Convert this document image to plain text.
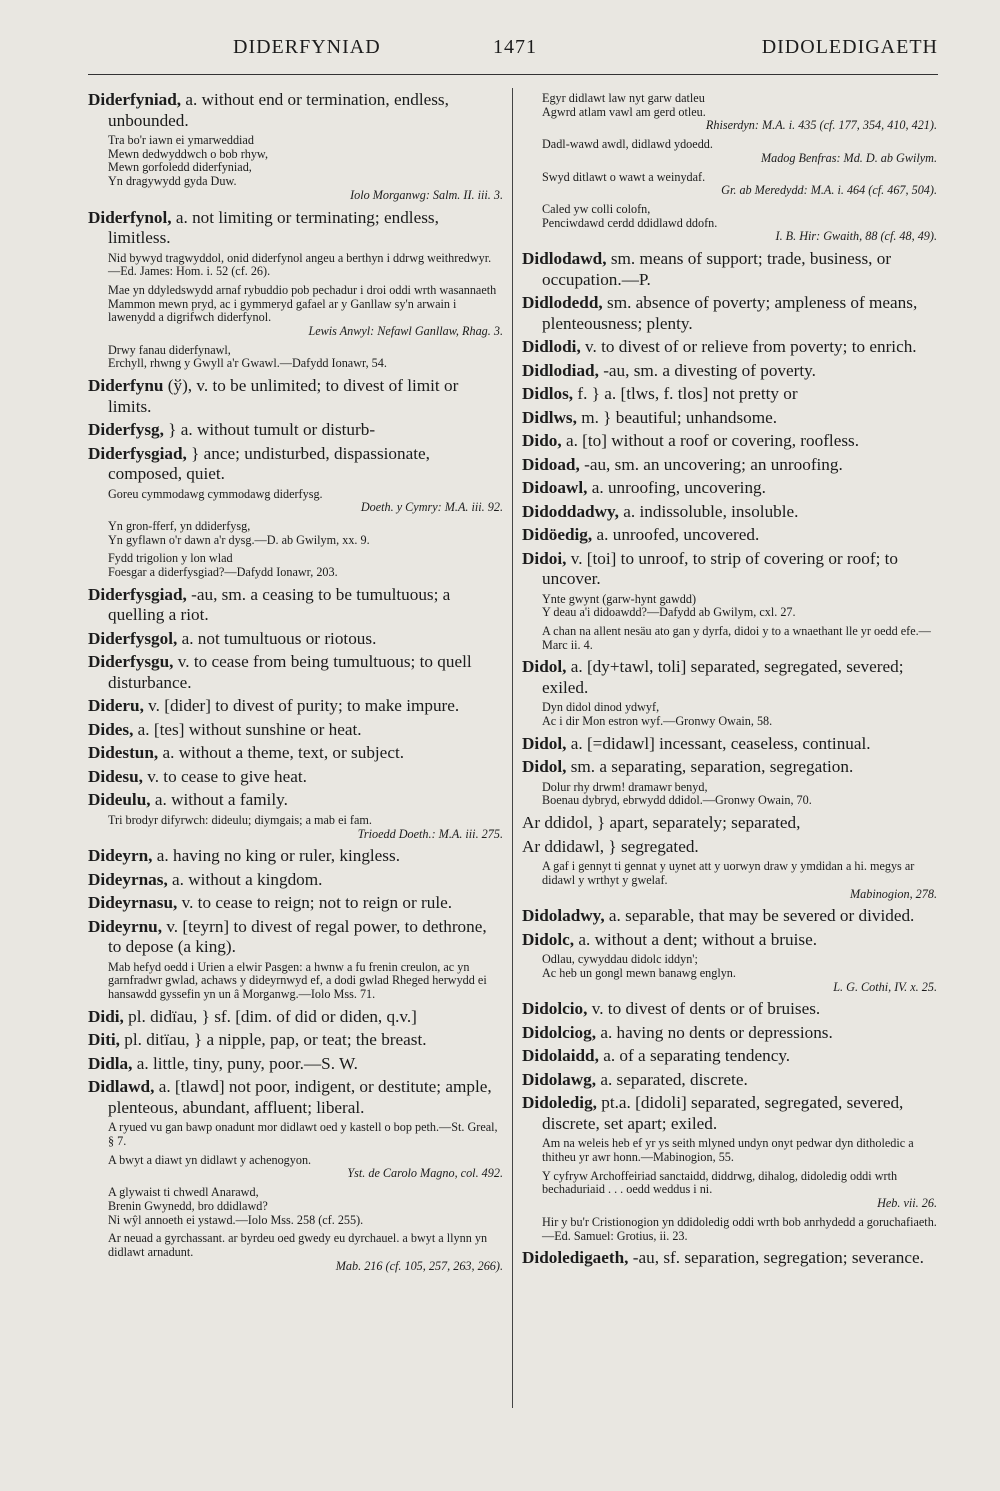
DIDERFYNIAD	1471	DIDOLEDIGAETH
Diderfyniad, a. without end or termination, endless, unbounded.
Tra bo'r iawn ei ymarweddiad
Mewn dedwyddwch o bob rhyw,
Mewn gorfoledd diderfyniad,
Yn dragywydd gyda Duw.
Iolo Morganwg: Salm. II. iii. 3.
Diderfynol, a. not limiting or terminating; endless, limitless.
Nid bywyd tragwyddol, onid diderfynol angeu a berthyn i ddrwg weithredwyr.—Ed. James: Hom. i. 52 (cf. 26).
Mae yn ddyledswydd arnaf rybuddio pob pechadur i droi oddi wrth wasannaeth Mammon mewn pryd, ac i gymmeryd gafael ar y Ganllaw sy'n arwain i lawenydd a digrifwch diderfynol.
Lewis Anwyl: Nefawl Ganllaw, Rhag. 3.
Drwy fanau diderfynawl,
Erchyll, rhwng y Gwyll a'r Gwawl.—Dafydd Ionawr, 54.
Diderfynu (ў), v. to be unlimited; to divest of limit or limits.
Diderfysg, } a. without tumult or disturb-
Diderfysgiad, } ance; undisturbed, dispassionate, composed, quiet.
Goreu cymmodawg cymmodawg diderfysg.
Doeth. y Cymry: M.A. iii. 92.
Yn gron-fferf, yn ddiderfysg,
Yn gyflawn o'r dawn a'r dysg.—D. ab Gwilym, xx. 9.
Fydd trigolion y lon wlad
Foesgar a diderfysgiad?—Dafydd Ionawr, 203.
Diderfysgiad, -au, sm. a ceasing to be tumultuous; a quelling a riot.
Diderfysgol, a. not tumultuous or riotous.
Diderfysgu, v. to cease from being tumultuous; to quell disturbance.
Dideru, v. [dider] to divest of purity; to make impure.
Dides, a. [tes] without sunshine or heat.
Didestun, a. without a theme, text, or subject.
Didesu, v. to cease to give heat.
Dideulu, a. without a family.
Tri brodyr difyrwch: dideulu; diymgais; a mab ei fam.
Trioedd Doeth.: M.A. iii. 275.
Dideyrn, a. having no king or ruler, kingless.
Dideyrnas, a. without a kingdom.
Dideyrnasu, v. to cease to reign; not to reign or rule.
Dideyrnu, v. [teyrn] to divest of regal power, to dethrone, to depose (a king).
Mab hefyd oedd i Urien a elwir Pasgen: a hwnw a fu frenin creulon, ac yn garnfradwr gwlad, achaws y dideyrnwyd ef, a dodi gwlad Rheged herwydd ei hansawdd gyssefin yn un â Morganwg.—Iolo Mss. 71.
Didi, pl. didïau, } sf. [dim. of did or diden, q.v.]
Diti, pl. ditïau, } a nipple, pap, or teat; the breast.
Didla, a. little, tiny, puny, poor.—S. W.
Didlawd, a. [tlawd] not poor, indigent, or destitute; ample, plenteous, abundant, affluent; liberal.
A ryued vu gan bawp onadunt mor didlawt oed y kastell o bop peth.—St. Greal, § 7.
A bwyt a diawt yn didlawt y achenogyon.
Yst. de Carolo Magno, col. 492.
A glywaist ti chwedl Anarawd,
Brenin Gwynedd, bro ddidlawd?
Ni wŷl annoeth ei ystawd.—Iolo Mss. 258 (cf. 255).
Ar neuad a gyrchassant. ar byrdeu oed gwedy eu dyrchauel. a bwyt a llynn yn didlawt arnadunt.
Mab. 216 (cf. 105, 257, 263, 266).
Egyr didlawt law nyt garw datleu
Agwrd atlam vawl am gerd otleu.
Rhiserdyn: M.A. i. 435 (cf. 177, 354, 410, 421).
Dadl-wawd awdl, didlawd ydoedd.
Madog Benfras: Md. D. ab Gwilym.
Swyd ditlawt o wawt a weinydaf.
Gr. ab Meredydd: M.A. i. 464 (cf. 467, 504).
Caled yw colli colofn,
Penciwdawd cerdd ddidlawd ddofn.
I. B. Hir: Gwaith, 88 (cf. 48, 49).
Didlodawd, sm. means of support; trade, business, or occupation.—P.
Didlodedd, sm. absence of poverty; ampleness of means, plenteousness; plenty.
Didlodi, v. to divest of or relieve from poverty; to enrich.
Didlodiad, -au, sm. a divesting of poverty.
Didlos, f. } a. [tlws, f. tlos] not pretty or
Didlws, m. } beautiful; unhandsome.
Dido, a. [to] without a roof or covering, roofless.
Didoad, -au, sm. an uncovering; an unroofing.
Didoawl, a. unroofing, uncovering.
Didoddadwy, a. indissoluble, insoluble.
Didöedig, a. unroofed, uncovered.
Didoi, v. [toi] to unroof, to strip of covering or roof; to uncover.
Ynte gwynt (garw-hynt gawdd)
Y deau a'i didoawdd?—Dafydd ab Gwilym, cxl. 27.
A chan na allent nesäu ato gan y dyrfa, didoi y to a wnaethant lle yr oedd efe.—Marc ii. 4.
Didol, a. [dy+tawl, toli] separated, segregated, severed; exiled.
Dyn didol dinod ydwyf,
Ac i dir Mon estron wyf.—Gronwy Owain, 58.
Didol, a. [=didawl] incessant, ceaseless, continual.
Didol, sm. a separating, separation, segregation.
Dolur rhy drwm! dramawr benyd,
Boenau dybryd, ebrwydd ddidol.—Gronwy Owain, 70.
Ar ddidol, } apart, separately; separated,
Ar ddidawl, } segregated.
A gaf i gennyt ti gennat y uynet att y uorwyn draw y ymdidan a hi. megys ar didawl y wrthyt y gwelaf.
Mabinogion, 278.
Didoladwy, a. separable, that may be severed or divided.
Didolc, a. without a dent; without a bruise.
Odlau, cywyddau didolc iddyn';
Ac heb un gongl mewn banawg englyn.
L. G. Cothi, IV. x. 25.
Didolcio, v. to divest of dents or of bruises.
Didolciog, a. having no dents or depressions.
Didolaidd, a. of a separating tendency.
Didolawg, a. separated, discrete.
Didoledig, pt.a. [didoli] separated, segregated, severed, discrete, set apart; exiled.
Am na weleis heb ef yr ys seith mlyned undyn onyt pedwar dyn ditholedic a thitheu yr awr honn.—Mabinogion, 55.
Y cyfryw Archoffeiriad sanctaidd, diddrwg, dihalog, didoledig oddi wrth bechaduriaid . . . oedd weddus i ni.
Heb. vii. 26.
Hir y bu'r Cristionogion yn ddidoledig oddi wrth bob anrhydedd a goruchafiaeth.—Ed. Samuel: Grotius, ii. 23.
Didoledigaeth, -au, sf. separation, segregation; severance.
